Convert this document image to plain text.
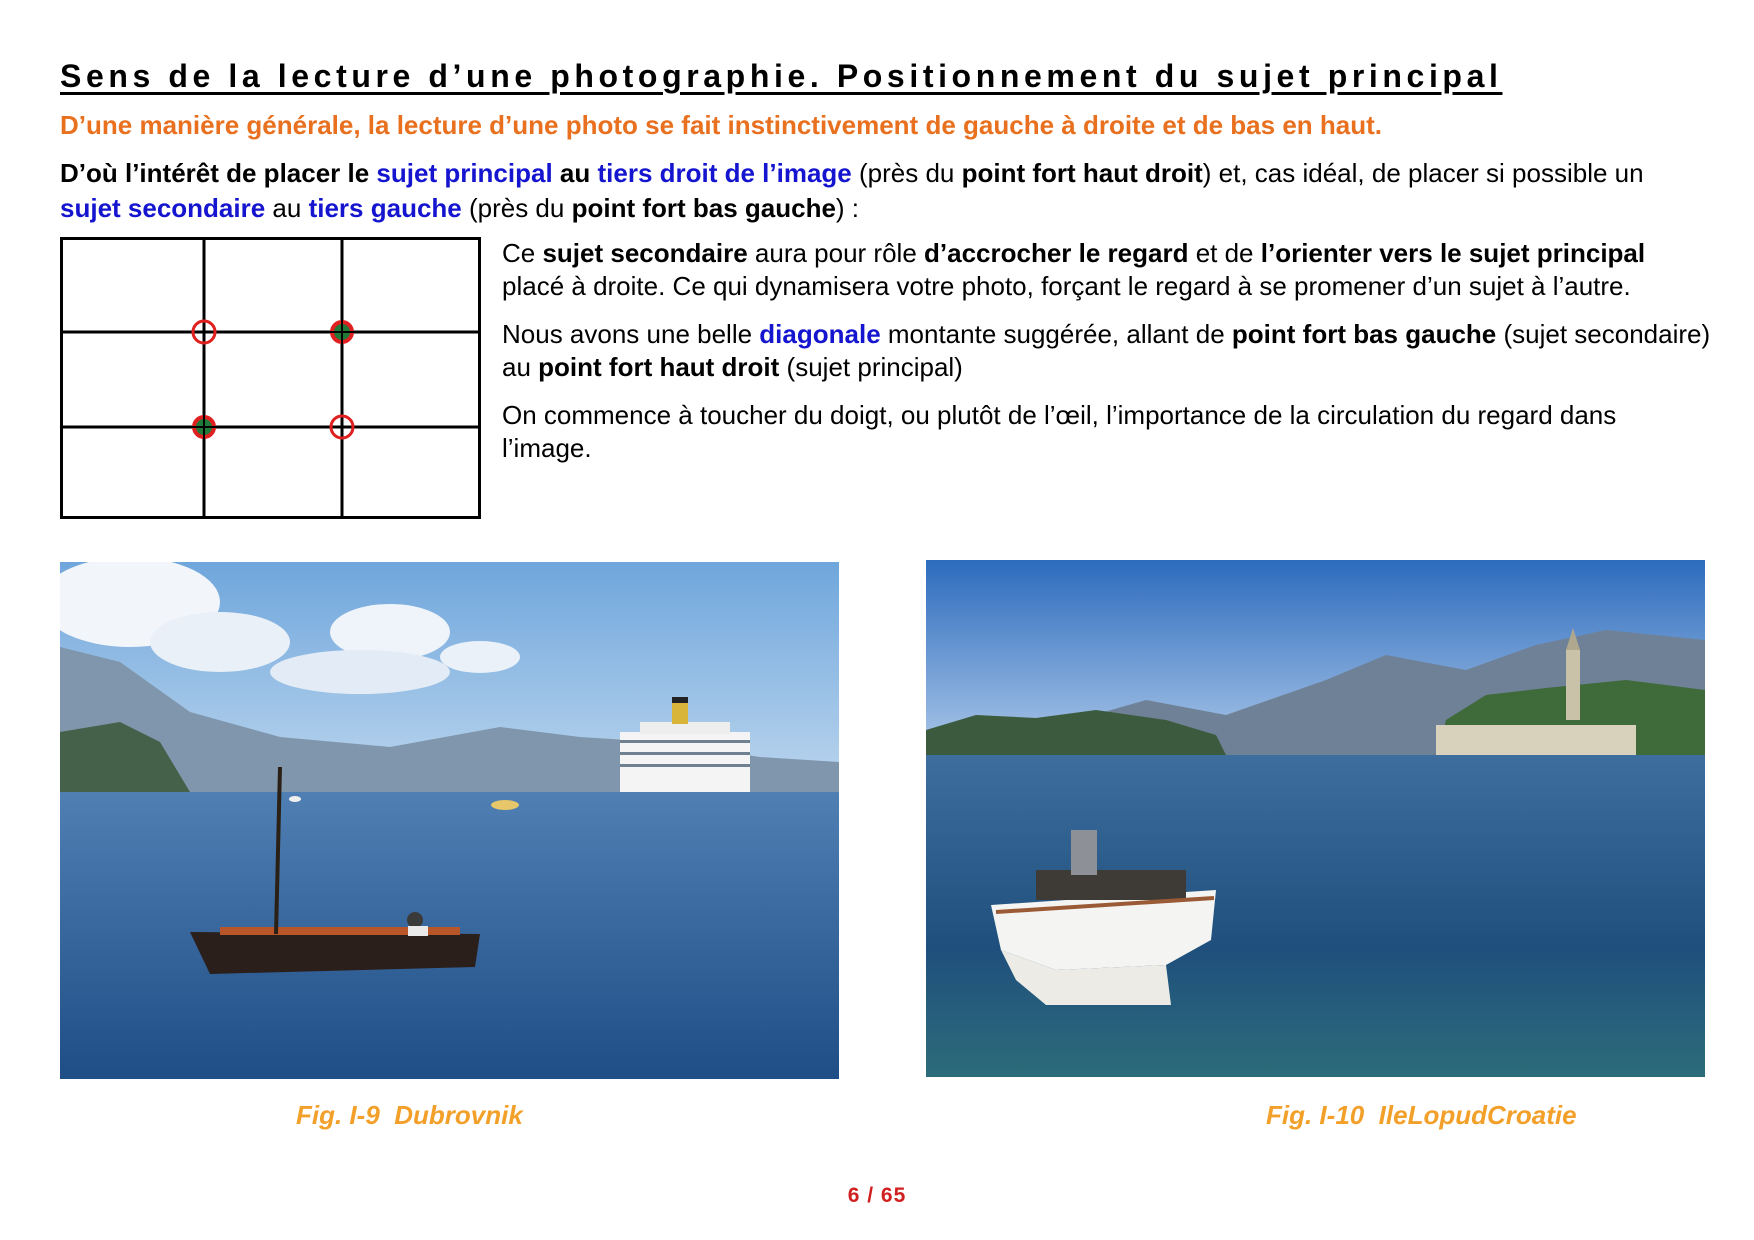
Sens de la lecture d’une photographie. Positionnement du sujet principal
D’une manière générale, la lecture d’une photo se fait instinctivement de gauche à droite et de bas en haut.
D’où l’intérêt de placer le sujet principal au tiers droit de l’image (près du point fort haut droit) et, cas idéal, de placer si possible un sujet secondaire au tiers gauche (près du point fort bas gauche) :

Ce sujet secondaire aura pour rôle d’accrocher le regard et de l’orienter vers le sujet principal placé à droite. Ce qui dynamisera votre photo, forçant le regard à se promener d’un sujet à l’autre.

Nous avons une belle diagonale montante suggérée, allant de point fort bas gauche (sujet secondaire) au point fort haut droit (sujet principal)

On commence à toucher du doigt, ou plutôt de l’œil, l’importance de la circulation du regard dans l’image.

Fig. I-9  Dubrovnik	Fig. I-10  IleLopudCroatie
6 / 65
